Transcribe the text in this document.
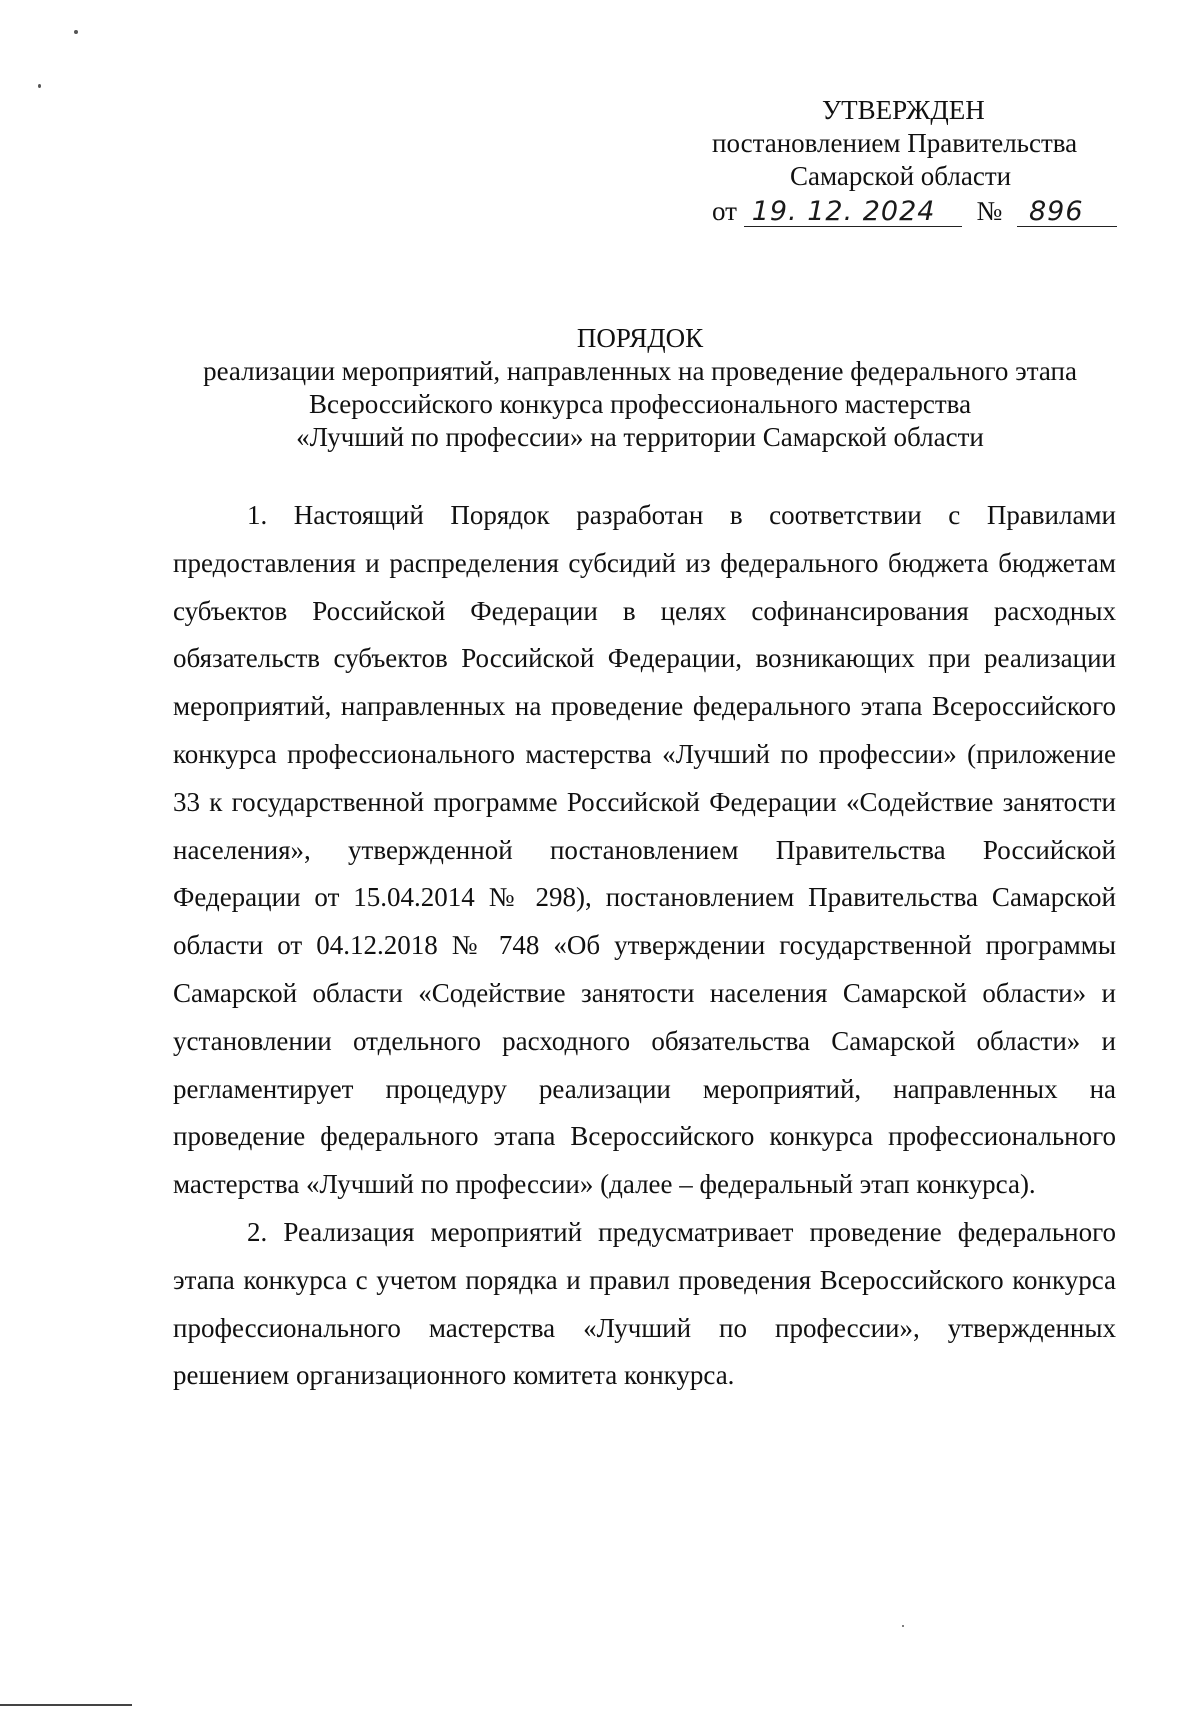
УТВЕРЖДЕН
постановлением Правительства
Самарской области
от 19. 12. 2024 № 896
ПОРЯДОК
реализации мероприятий, направленных на проведение федерального этапа
Всероссийского конкурса профессионального мастерства
«Лучший по профессии» на территории Самарской области

1. Настоящий Порядок разработан в соответствии с Правилами предоставления и распределения субсидий из федерального бюджета бюджетам субъектов Российской Федерации в целях софинансирования расходных обязательств субъектов Российской Федерации, возникающих при реализации мероприятий, направленных на проведение федерального этапа Всероссийского конкурса профессионального мастерства «Лучший по профессии» (приложение 33 к государственной программе Российской Федерации «Содействие занятости населения», утвержденной постановлением Правительства Российской Федерации от 15.04.2014 № 298), постановлением Правительства Самарской области от 04.12.2018 № 748 «Об утверждении государственной программы Самарской области «Содействие занятости населения Самарской области» и установлении отдельного расходного обязательства Самарской области» и регламентирует процедуру реализации мероприятий, направленных на проведение федерального этапа Всероссийского конкурса профессионального мастерства «Лучший по профессии» (далее – федеральный этап конкурса).

2. Реализация мероприятий предусматривает проведение федерального этапа конкурса с учетом порядка и правил проведения Всероссийского конкурса профессионального мастерства «Лучший по профессии», утвержденных решением организационного комитета конкурса.
